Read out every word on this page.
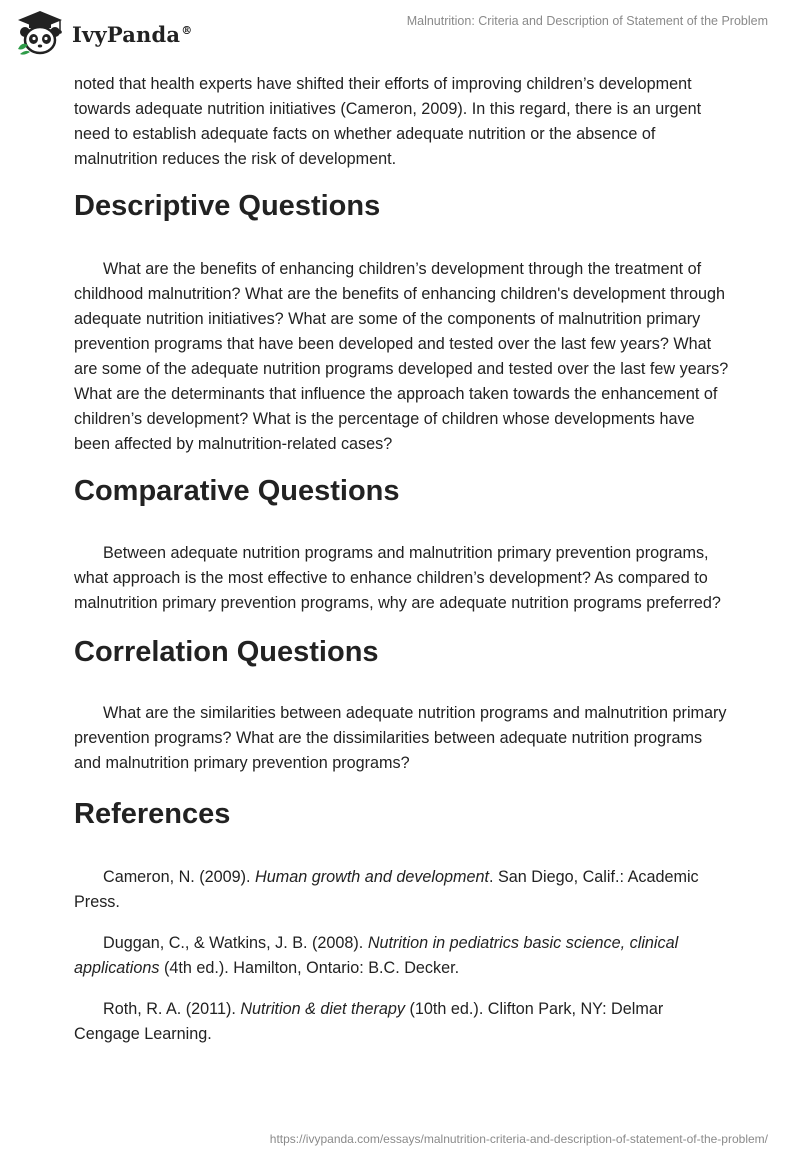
IvyPanda®
Malnutrition: Criteria and Description of Statement of the Problem

noted that health experts have shifted their efforts of improving children’s development towards adequate nutrition initiatives (Cameron, 2009). In this regard, there is an urgent need to establish adequate facts on whether adequate nutrition or the absence of malnutrition reduces the risk of development.

Descriptive Questions

What are the benefits of enhancing children’s development through the treatment of childhood malnutrition? What are the benefits of enhancing children's development through adequate nutrition initiatives? What are some of the components of malnutrition primary prevention programs that have been developed and tested over the last few years? What are some of the adequate nutrition programs developed and tested over the last few years? What are the determinants that influence the approach taken towards the enhancement of children’s development? What is the percentage of children whose developments have been affected by malnutrition-related cases?

Comparative Questions

Between adequate nutrition programs and malnutrition primary prevention programs, what approach is the most effective to enhance children’s development? As compared to malnutrition primary prevention programs, why are adequate nutrition programs preferred?

Correlation Questions

What are the similarities between adequate nutrition programs and malnutrition primary prevention programs? What are the dissimilarities between adequate nutrition programs and malnutrition primary prevention programs?

References

Cameron, N. (2009). Human growth and development. San Diego, Calif.: Academic Press.

Duggan, C., & Watkins, J. B. (2008). Nutrition in pediatrics basic science, clinical applications (4th ed.). Hamilton, Ontario: B.C. Decker.

Roth, R. A. (2011). Nutrition & diet therapy (10th ed.). Clifton Park, NY: Delmar Cengage Learning.

https://ivypanda.com/essays/malnutrition-criteria-and-description-of-statement-of-the-problem/
